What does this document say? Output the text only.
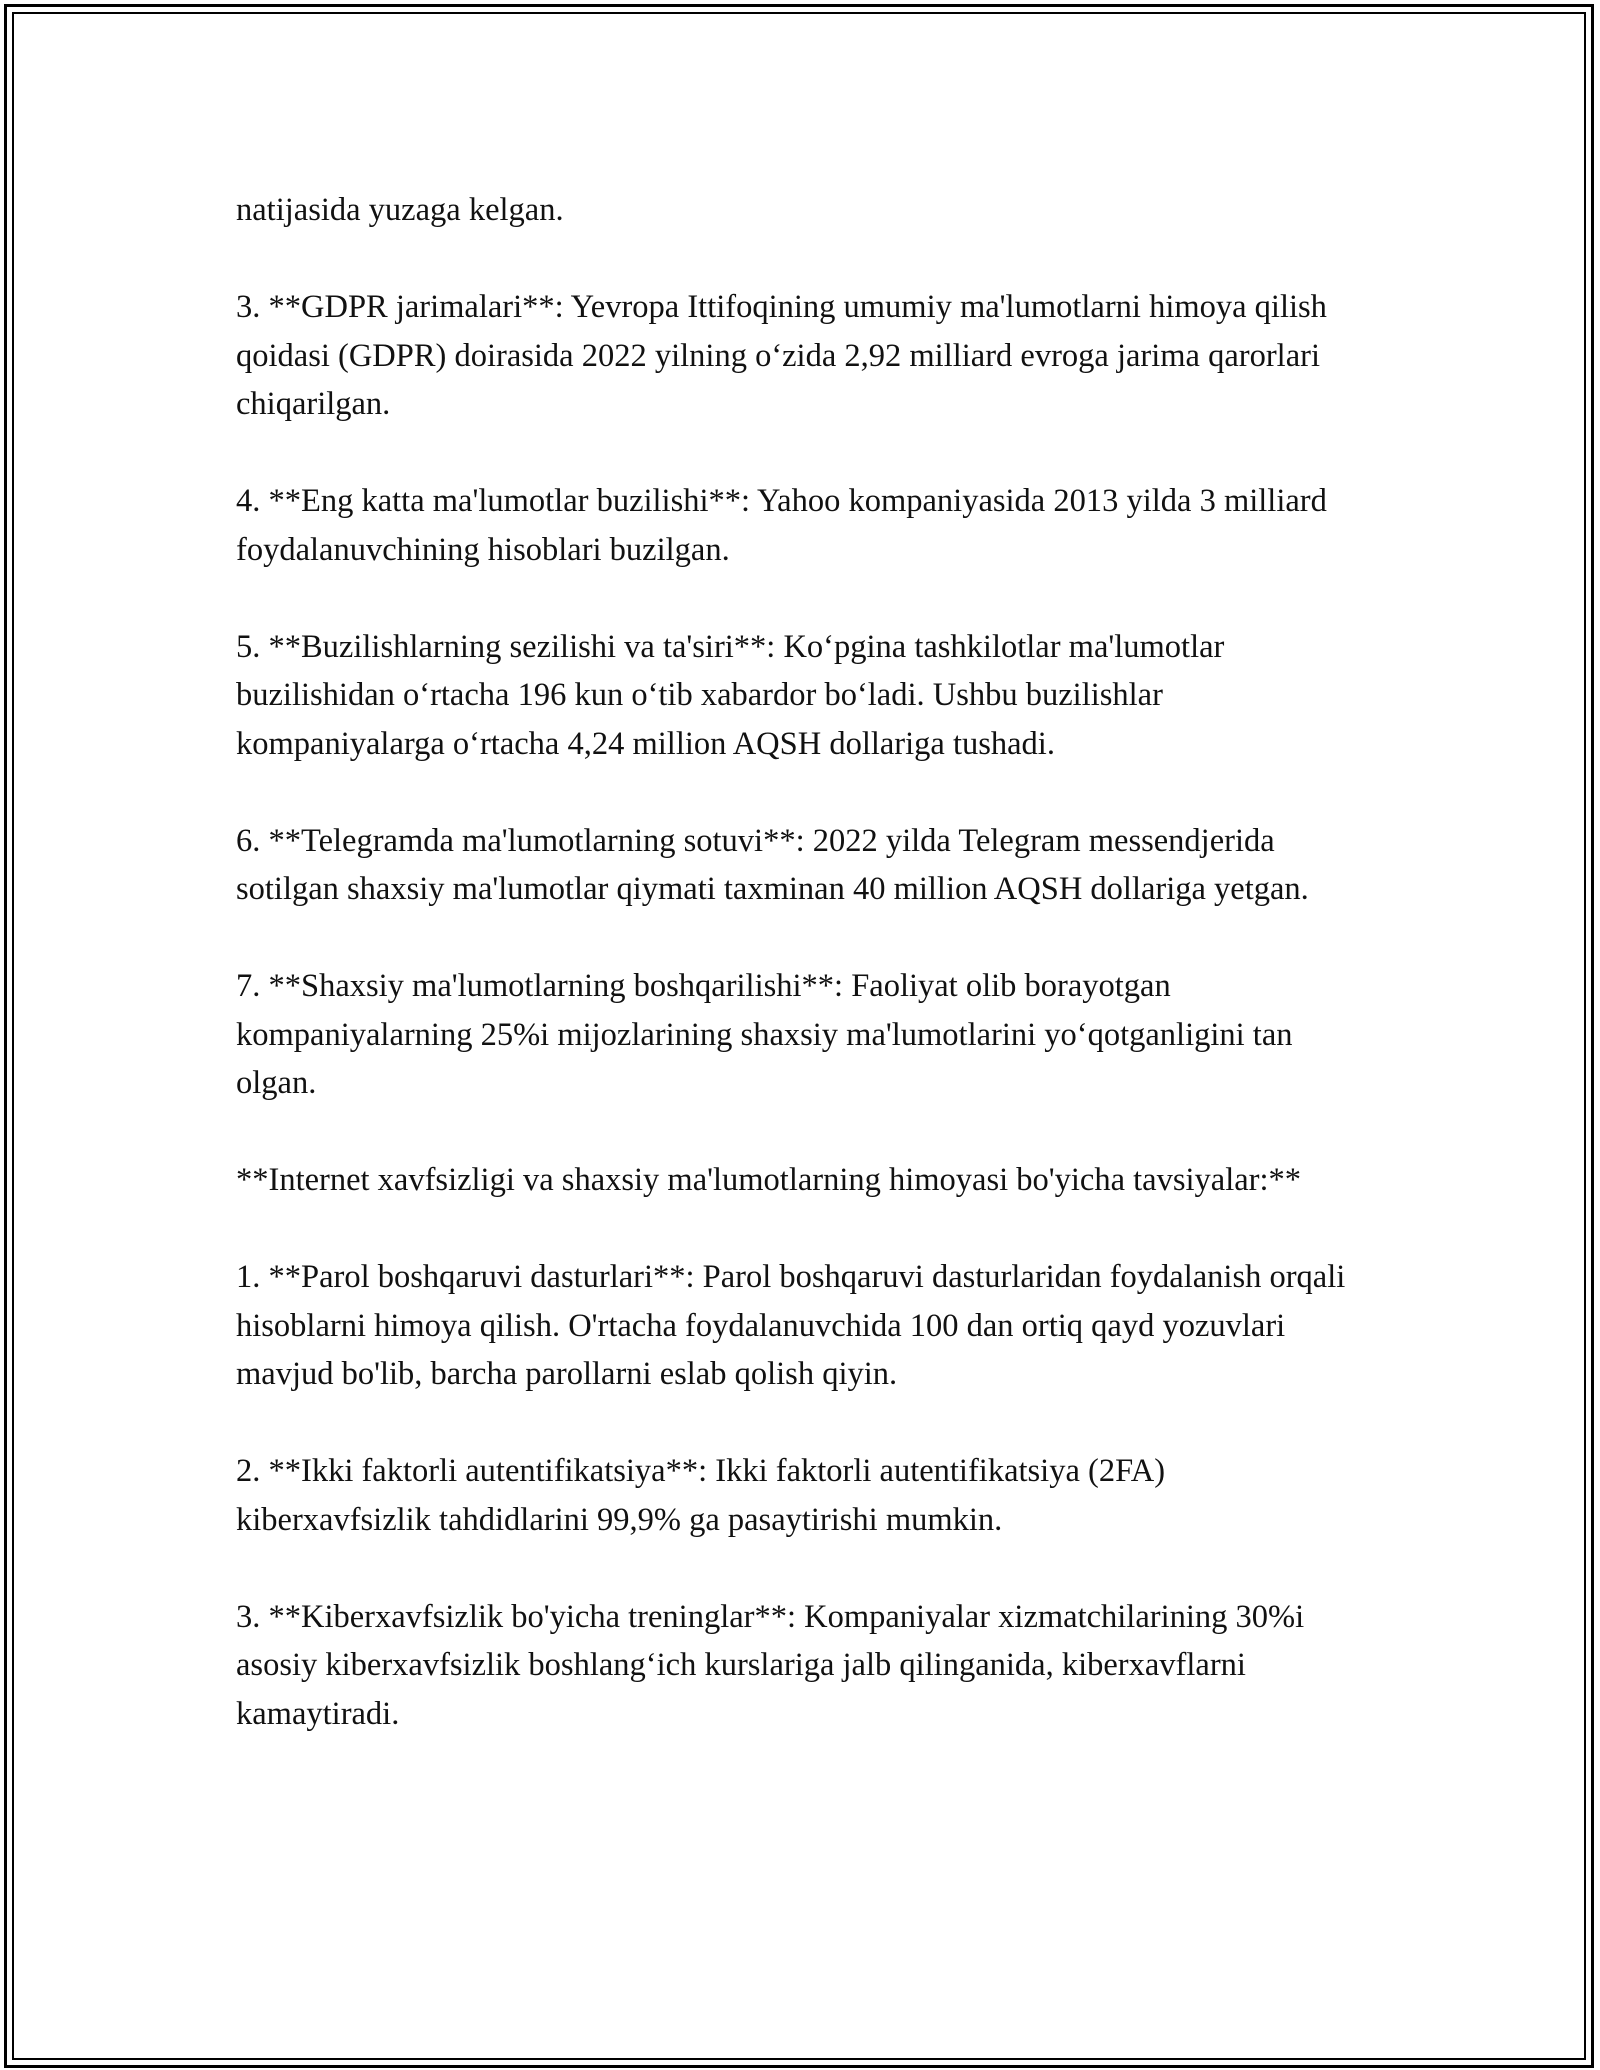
natijasida yuzaga kelgan.

3. **GDPR jarimalari**: Yevropa Ittifoqining umumiy ma'lumotlarni himoya qilish qoidasi (GDPR) doirasida 2022 yilning o‘zida 2,92 milliard evroga jarima qarorlari chiqarilgan.

4. **Eng katta ma'lumotlar buzilishi**: Yahoo kompaniyasida 2013 yilda 3 milliard foydalanuvchining hisoblari buzilgan.

5. **Buzilishlarning sezilishi va ta'siri**: Ko‘pgina tashkilotlar ma'lumotlar buzilishidan o‘rtacha 196 kun o‘tib xabardor bo‘ladi. Ushbu buzilishlar kompaniyalarga o‘rtacha 4,24 million AQSH dollariga tushadi.

6. **Telegramda ma'lumotlarning sotuvi**: 2022 yilda Telegram messendjerida sotilgan shaxsiy ma'lumotlar qiymati taxminan 40 million AQSH dollariga yetgan.

7. **Shaxsiy ma'lumotlarning boshqarilishi**: Faoliyat olib borayotgan kompaniyalarning 25%i mijozlarining shaxsiy ma'lumotlarini yo‘qotganligini tan olgan.

**Internet xavfsizligi va shaxsiy ma'lumotlarning himoyasi bo'yicha tavsiyalar:**

1. **Parol boshqaruvi dasturlari**: Parol boshqaruvi dasturlaridan foydalanish orqali hisoblarni himoya qilish. O'rtacha foydalanuvchida 100 dan ortiq qayd yozuvlari mavjud bo'lib, barcha parollarni eslab qolish qiyin.

2. **Ikki faktorli autentifikatsiya**: Ikki faktorli autentifikatsiya (2FA) kiberxavfsizlik tahdidlarini 99,9% ga pasaytirishi mumkin.

3. **Kiberxavfsizlik bo'yicha treninglar**: Kompaniyalar xizmatchilarining 30%i asosiy kiberxavfsizlik boshlang‘ich kurslariga jalb qilinganida, kiberxavflarni kamaytiradi.
